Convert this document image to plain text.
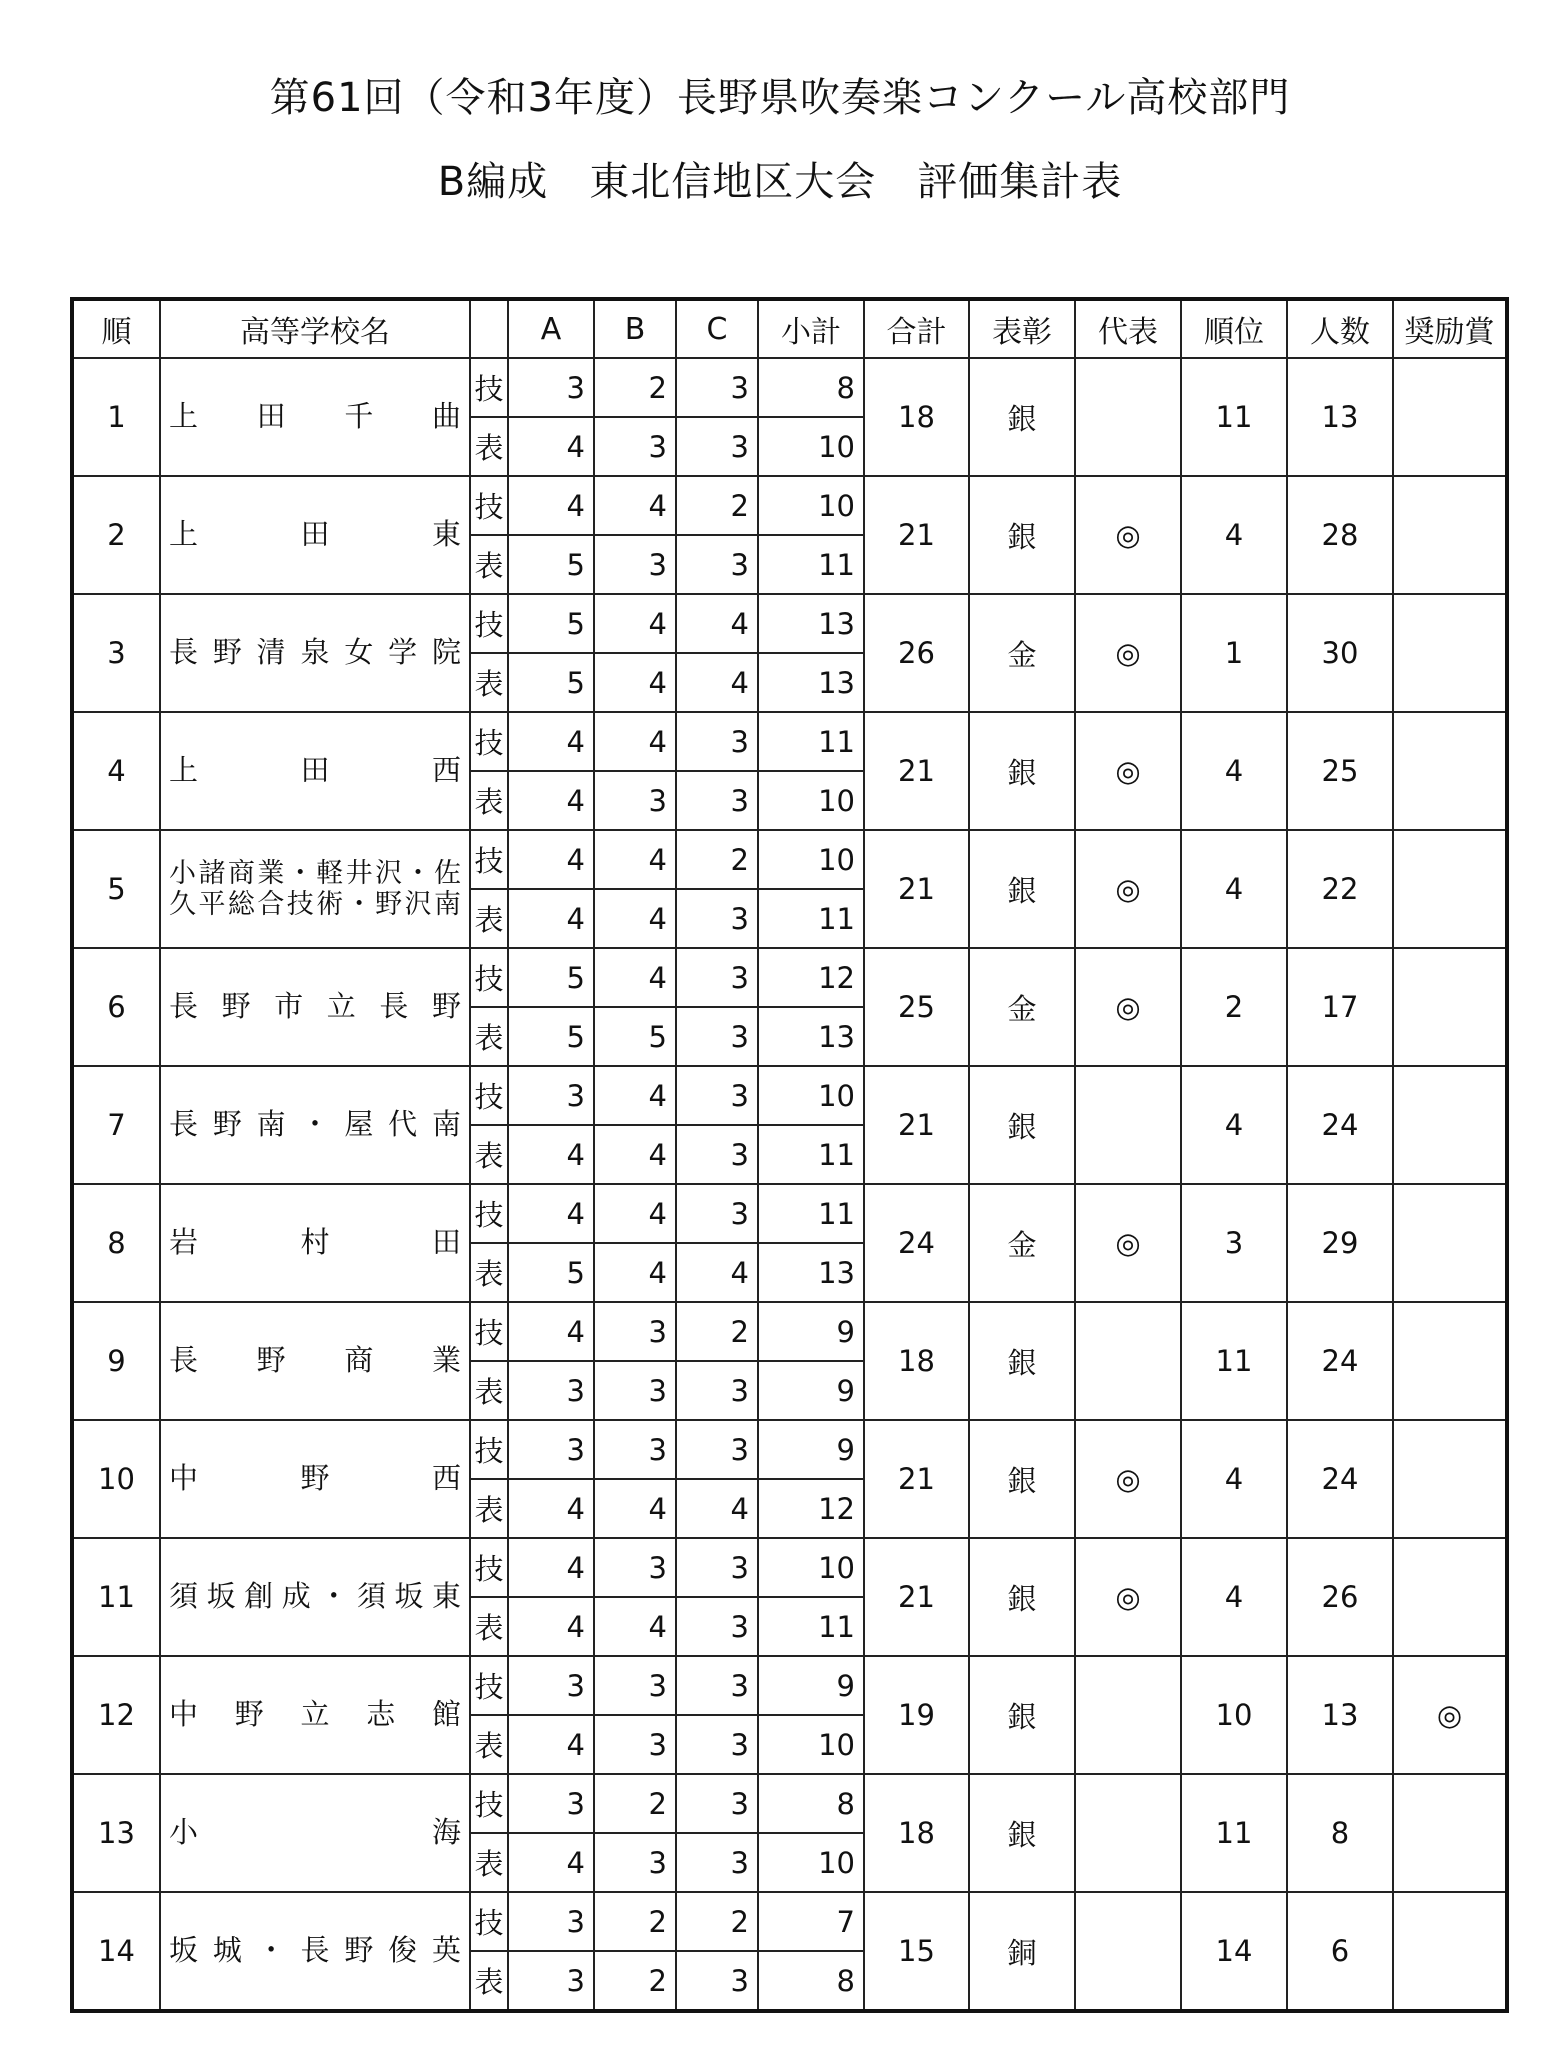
第61回（令和3年度）長野県吹奏楽コンクール高校部門
B編成　東北信地区大会　評価集計表
順	高等学校名		A	B	C	小計	合計	表彰	代表	順位	人数	奨励賞
1	上田千曲	技	3	2	3	8	18	銀		11	13	
		表	4	3	3	10						
2	上田東	技	4	4	2	10	21	銀	◎	4	28	
		表	5	3	3	11						
3	長野清泉女学院	技	5	4	4	13	26	金	◎	1	30	
		表	5	4	4	13						
4	上田西	技	4	4	3	11	21	銀	◎	4	25	
		表	4	3	3	10						
5	小諸商業・軽井沢・佐久平総合技術・野沢南	技	4	4	2	10	21	銀	◎	4	22	
		表	4	4	3	11						
6	長野市立長野	技	5	4	3	12	25	金	◎	2	17	
		表	5	5	3	13						
7	長野南・屋代南	技	3	4	3	10	21	銀		4	24	
		表	4	4	3	11						
8	岩村田	技	4	4	3	11	24	金	◎	3	29	
		表	5	4	4	13						
9	長野商業	技	4	3	2	9	18	銀		11	24	
		表	3	3	3	9						
10	中野西	技	3	3	3	9	21	銀	◎	4	24	
		表	4	4	4	12						
11	須坂創成・須坂東	技	4	3	3	10	21	銀	◎	4	26	
		表	4	4	3	11						
12	中野立志館	技	3	3	3	9	19	銀		10	13	◎
		表	4	3	3	10						
13	小海	技	3	2	3	8	18	銀		11	8	
		表	4	3	3	10						
14	坂城・長野俊英	技	3	2	2	7	15	銅		14	6	
		表	3	2	3	8						
